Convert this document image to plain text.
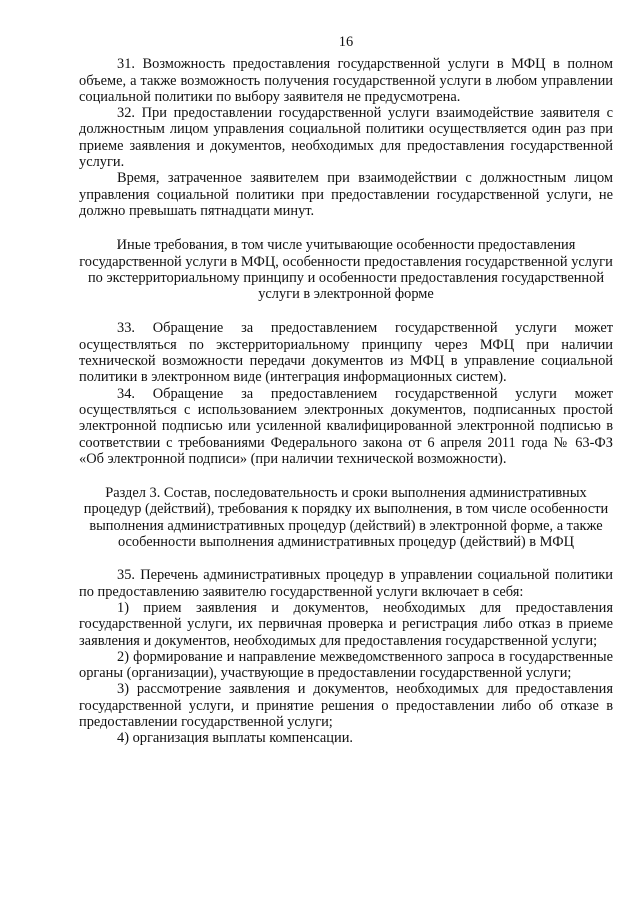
16

31. Возможность предоставления государственной услуги в МФЦ в полном объеме, а также возможность получения государственной услуги в любом управлении социальной политики по выбору заявителя не предусмотрена.

32. При предоставлении государственной услуги взаимодействие заявителя с должностным лицом управления социальной политики осуществляется один раз при приеме заявления и документов, необходимых для предоставления государственной услуги.

Время, затраченное заявителем при взаимодействии с должностным лицом управления социальной политики при предоставлении государственной услуги, не должно превышать пятнадцати минут.

Иные требования, в том числе учитывающие особенности предоставления государственной услуги в МФЦ, особенности предоставления государственной услуги по экстерриториальному принципу и особенности предоставления государственной услуги в электронной форме

33. Обращение за предоставлением государственной услуги может осуществляться по экстерриториальному принципу через МФЦ при наличии технической возможности передачи документов из МФЦ в управление социальной политики в электронном виде (интеграция информационных систем).

34. Обращение за предоставлением государственной услуги может осуществляться с использованием электронных документов, подписанных простой электронной подписью или усиленной квалифицированной электронной подписью в соответствии с требованиями Федерального закона от 6 апреля 2011 года № 63-ФЗ «Об электронной подписи» (при наличии технической возможности).

Раздел 3. Состав, последовательность и сроки выполнения административных процедур (действий), требования к порядку их выполнения, в том числе особенности выполнения административных процедур (действий) в электронной форме, а также особенности выполнения административных процедур (действий) в МФЦ

35. Перечень административных процедур в управлении социальной политики по предоставлению заявителю государственной услуги включает в себя:

1) прием заявления и документов, необходимых для предоставления государственной услуги, их первичная проверка и регистрация либо отказ в приеме заявления и документов, необходимых для предоставления государственной услуги;

2) формирование и направление межведомственного запроса в государственные органы (организации), участвующие в предоставлении государственной услуги;

3) рассмотрение заявления и документов, необходимых для предоставления государственной услуги, и принятие решения о предоставлении либо об отказе в предоставлении государственной услуги;

4) организация выплаты компенсации.
